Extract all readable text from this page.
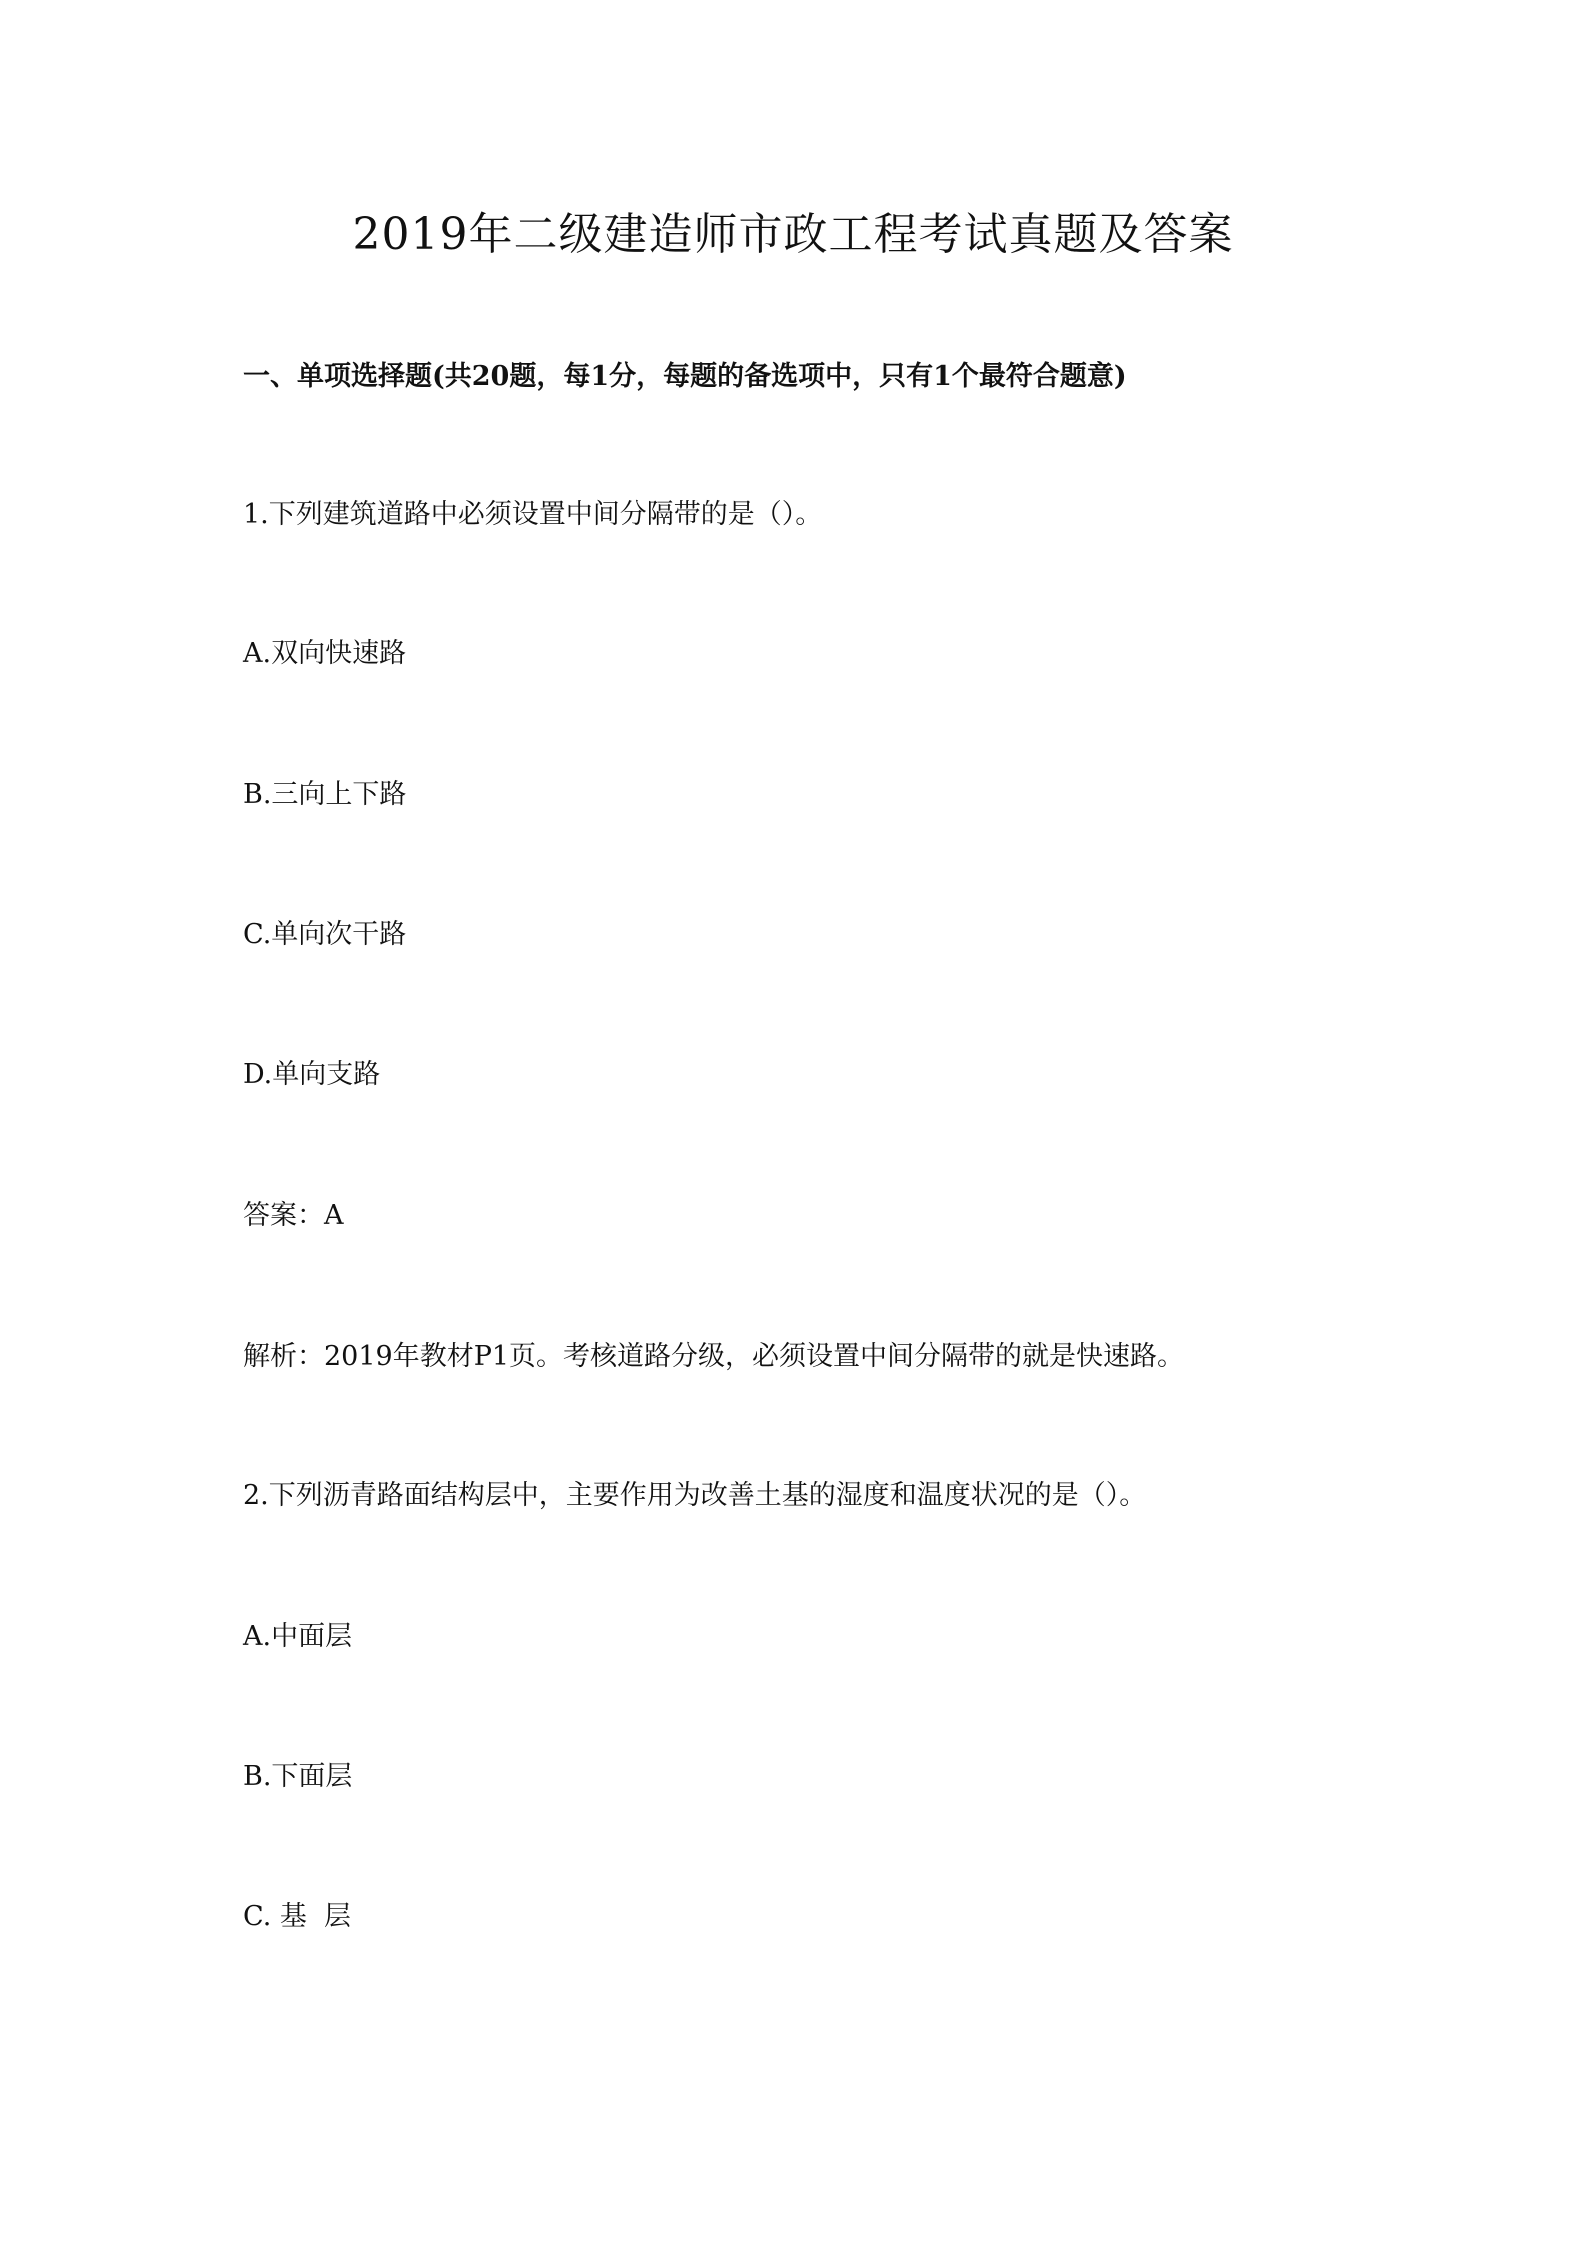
2019年二级建造师市政工程考试真题及答案

一、单项选择题(共20题，每1分，每题的备选项中，只有1个最符合题意)

1.下列建筑道路中必须设置中间分隔带的是（）。

A.双向快速路

B.三向上下路

C.单向次干路

D.单向支路

答案：A

解析：2019年教材P1页。考核道路分级，必须设置中间分隔带的就是快速路。

2.下列沥青路面结构层中，主要作用为改善土基的湿度和温度状况的是（）。

A.中面层

B.下面层

C. 基  层
